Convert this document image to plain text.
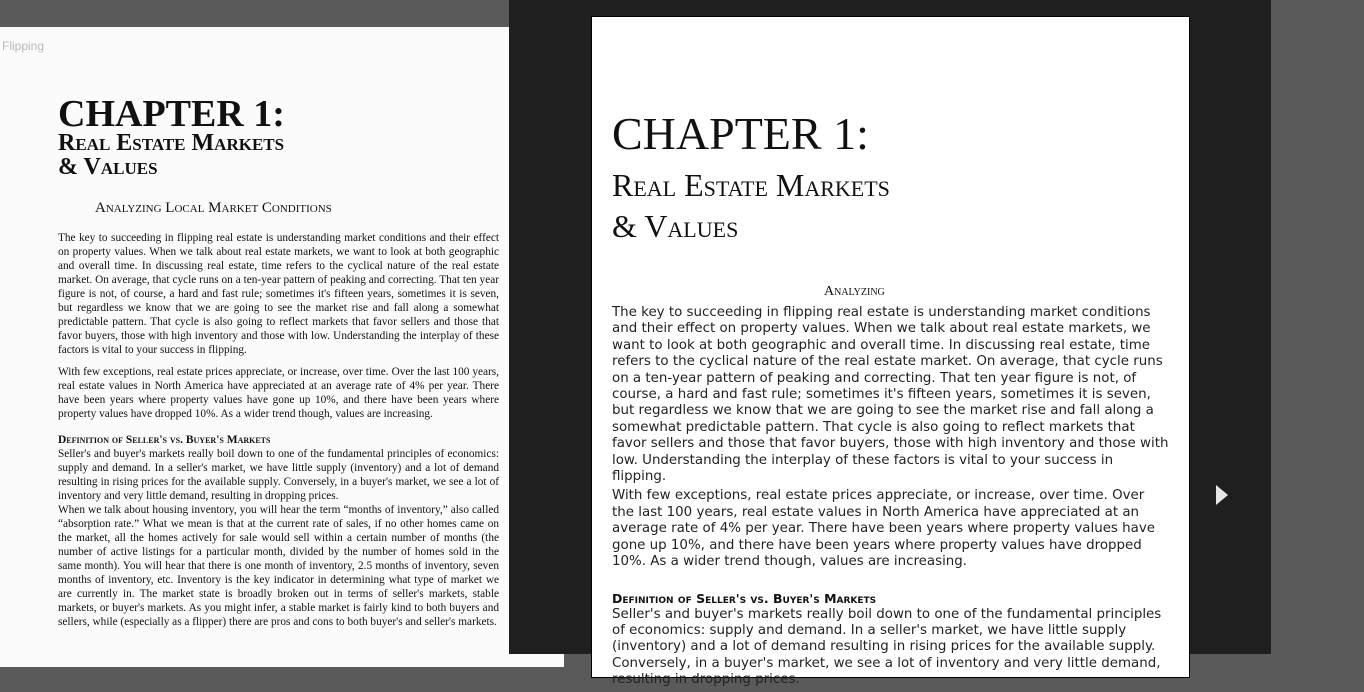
Flipping
CHAPTER 1:
Real Estate Markets
& Values
Analyzing Local Market Conditions

The key to succeeding in flipping real estate is understanding market conditions and their effect on property values. When we talk about real estate markets, we want to look at both geographic and overall time. In discussing real estate, time refers to the cyclical nature of the real estate market. On average, that cycle runs on a ten-year pattern of peaking and correcting. That ten year figure is not, of course, a hard and fast rule; sometimes it's fifteen years, sometimes it is seven, but regardless we know that we are going to see the market rise and fall along a somewhat predictable pattern. That cycle is also going to reflect markets that favor sellers and those that favor buyers, those with high inventory and those with low. Understanding the interplay of these factors is vital to your success in flipping.

With few exceptions, real estate prices appreciate, or increase, over time. Over the last 100 years, real estate values in North America have appreciated at an average rate of 4% per year. There have been years where property values have gone up 10%, and there have been years where property values have dropped 10%. As a wider trend though, values are increasing.

Definition of Seller's vs. Buyer's Markets

Seller's and buyer's markets really boil down to one of the fundamental principles of economics: supply and demand. In a seller's market, we have little supply (inventory) and a lot of demand resulting in rising prices for the available supply. Conversely, in a buyer's market, we see a lot of inventory and very little demand, resulting in dropping prices.

When we talk about housing inventory, you will hear the term “months of inventory,” also called “absorption rate.” What we mean is that at the current rate of sales, if no other homes came on the market, all the homes actively for sale would sell within a certain number of months (the number of active listings for a particular month, divided by the number of homes sold in the same month). You will hear that there is one month of inventory, 2.5 months of inventory, seven months of inventory, etc. Inventory is the key indicator in determining what type of market we are currently in. The market state is broadly broken out in terms of seller's markets, stable markets, or buyer's markets. As you might infer, a stable market is fairly kind to both buyers and sellers, while (especially as a flipper) there are pros and cons to both buyer's and seller's markets.

CHAPTER 1:
Real Estate Markets
& Values
Analyzing

The key to succeeding in flipping real estate is understanding market conditions and their effect on property values. When we talk about real estate markets, we want to look at both geographic and overall time. In discussing real estate, time refers to the cyclical nature of the real estate market. On average, that cycle runs on a ten-year pattern of peaking and correcting. That ten year figure is not, of course, a hard and fast rule; sometimes it's fifteen years, sometimes it is seven, but regardless we know that we are going to see the market rise and fall along a somewhat predictable pattern. That cycle is also going to reflect markets that favor sellers and those that favor buyers, those with high inventory and those with low. Understanding the interplay of these factors is vital to your success in flipping.

With few exceptions, real estate prices appreciate, or increase, over time. Over the last 100 years, real estate values in North America have appreciated at an average rate of 4% per year. There have been years where property values have gone up 10%, and there have been years where property values have dropped 10%. As a wider trend though, values are increasing.

Definition of Seller's vs. Buyer's Markets

Seller's and buyer's markets really boil down to one of the fundamental principles of economics: supply and demand. In a seller's market, we have little supply (inventory) and a lot of demand resulting in rising prices for the available supply. Conversely, in a buyer's market, we see a lot of inventory and very little demand, resulting in dropping prices.
